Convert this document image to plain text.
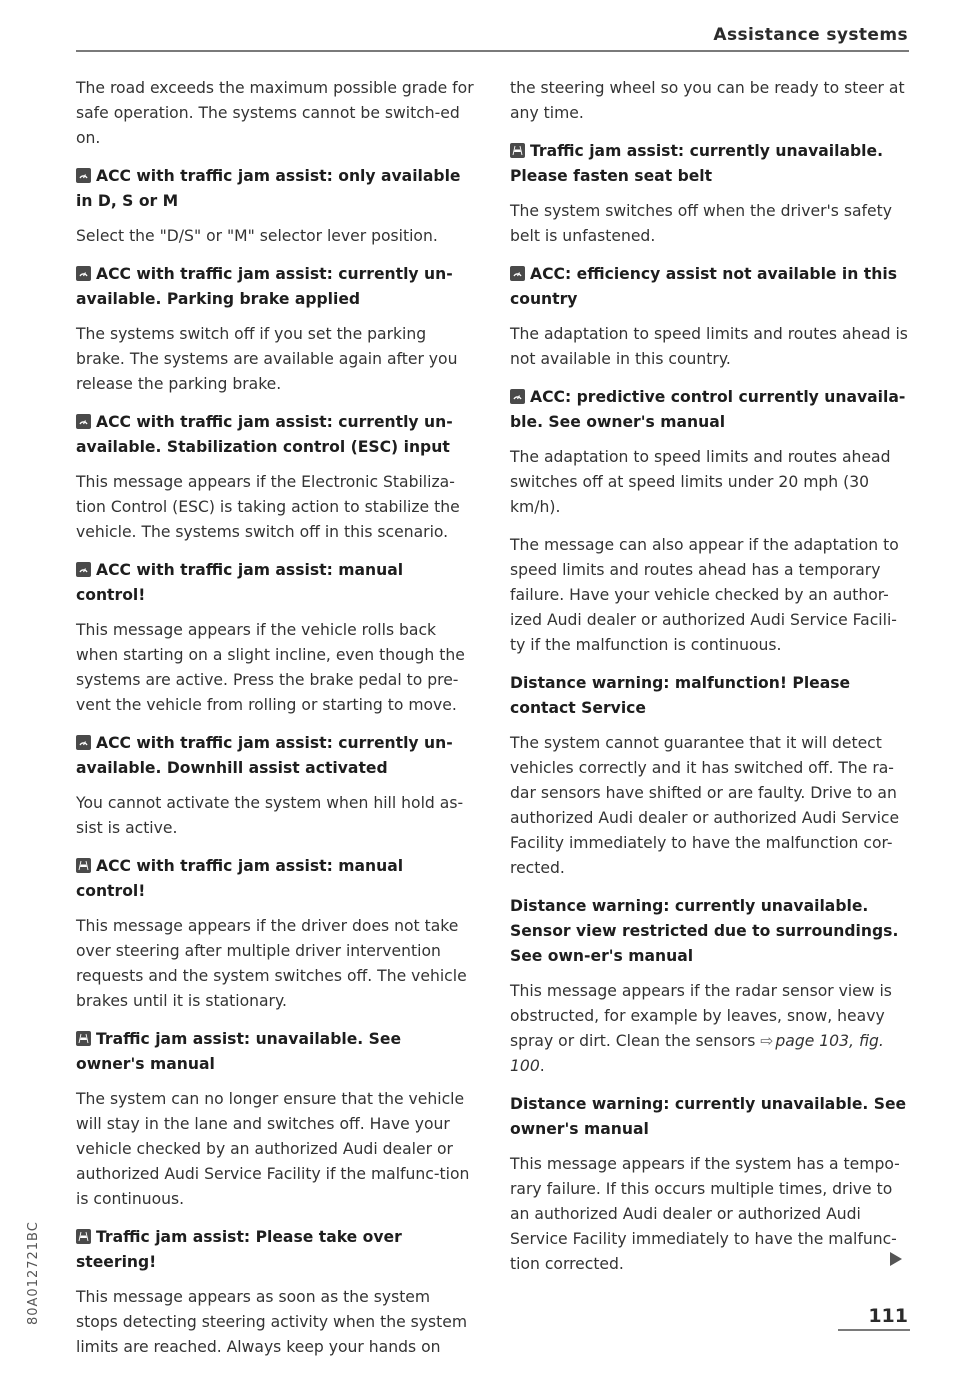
Assistance systems

The road exceeds the maximum possible grade for safe operation. The systems cannot be switch-ed on.

ACC with traffic jam assist: only available in D, S or M

Select the "D/S" or "M" selector lever position.

ACC with traffic jam assist: currently un-available. Parking brake applied

The systems switch off if you set the parking brake. The systems are available again after you release the parking brake.

ACC with traffic jam assist: currently un-available. Stabilization control (ESC) input

This message appears if the Electronic Stabiliza-tion Control (ESC) is taking action to stabilize the vehicle. The systems switch off in this scenario.

ACC with traffic jam assist: manual control!

This message appears if the vehicle rolls back when starting on a slight incline, even though the systems are active. Press the brake pedal to pre-vent the vehicle from rolling or starting to move.

ACC with traffic jam assist: currently un-available. Downhill assist activated

You cannot activate the system when hill hold as-sist is active.

ACC with traffic jam assist: manual control!

This message appears if the driver does not take over steering after multiple driver intervention requests and the system switches off. The vehicle brakes until it is stationary.

Traffic jam assist: unavailable. See owner's manual

The system can no longer ensure that the vehicle will stay in the lane and switches off. Have your vehicle checked by an authorized Audi dealer or authorized Audi Service Facility if the malfunc-tion is continuous.

Traffic jam assist: Please take over steering!

This message appears as soon as the system stops detecting steering activity when the system limits are reached. Always keep your hands on

the steering wheel so you can be ready to steer at any time.

Traffic jam assist: currently unavailable. Please fasten seat belt

The system switches off when the driver's safety belt is unfastened.

ACC: efficiency assist not available in this country

The adaptation to speed limits and routes ahead is not available in this country.

ACC: predictive control currently unavaila-ble. See owner's manual

The adaptation to speed limits and routes ahead switches off at speed limits under 20 mph (30 km/h).

The message can also appear if the adaptation to speed limits and routes ahead has a temporary failure. Have your vehicle checked by an author-ized Audi dealer or authorized Audi Service Facili-ty if the malfunction is continuous.

Distance warning: malfunction! Please contact Service

The system cannot guarantee that it will detect vehicles correctly and it has switched off. The ra-dar sensors have shifted or are faulty. Drive to an authorized Audi dealer or authorized Audi Service Facility immediately to have the malfunction cor-rected.

Distance warning: currently unavailable. Sensor view restricted due to surroundings. See own-er's manual

This message appears if the radar sensor view is obstructed, for example by leaves, snow, heavy spray or dirt. Clean the sensors ⇨ page 103, fig. 100.

Distance warning: currently unavailable. See owner's manual

This message appears if the system has a tempo-rary failure. If this occurs multiple times, drive to an authorized Audi dealer or authorized Audi Service Facility immediately to have the malfunc-tion corrected.

111
80A012721BC
